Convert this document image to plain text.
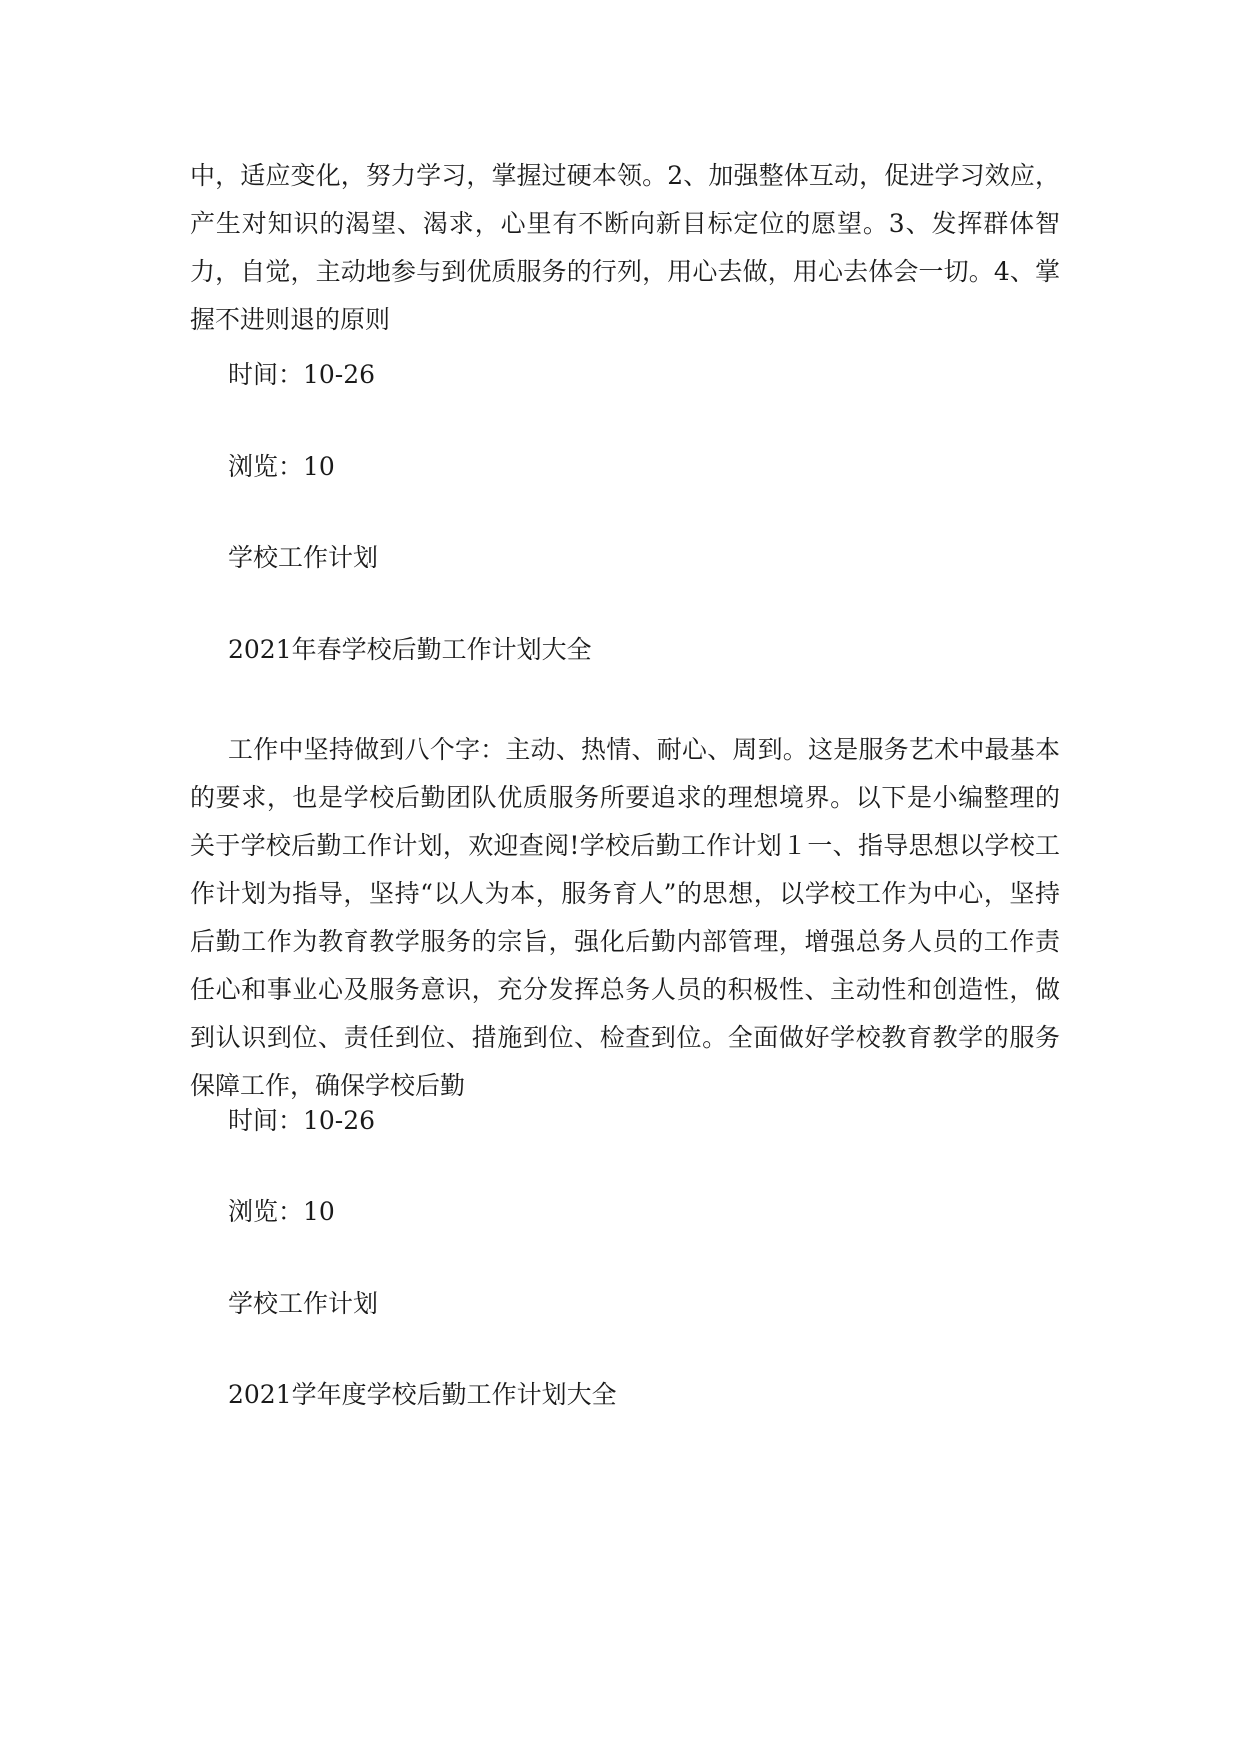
中，适应变化，努力学习，掌握过硬本领。2、加强整体互动，促进学习效应，产生对知识的渴望、渴求，心里有不断向新目标定位的愿望。3、发挥群体智力，自觉，主动地参与到优质服务的行列，用心去做，用心去体会一切。4、掌握不进则退的原则

时间：10-26

浏览：10

学校工作计划

2021年春学校后勤工作计划大全

工作中坚持做到八个字：主动、热情、耐心、周到。这是服务艺术中最基本的要求，也是学校后勤团队优质服务所要追求的理想境界。以下是小编整理的关于学校后勤工作计划，欢迎查阅!学校后勤工作计划１一、指导思想以学校工作计划为指导，坚持“以人为本，服务育人”的思想，以学校工作为中心，坚持后勤工作为教育教学服务的宗旨，强化后勤内部管理，增强总务人员的工作责任心和事业心及服务意识，充分发挥总务人员的积极性、主动性和创造性，做到认识到位、责任到位、措施到位、检查到位。全面做好学校教育教学的服务保障工作，确保学校后勤

时间：10-26

浏览：10

学校工作计划

2021学年度学校后勤工作计划大全
